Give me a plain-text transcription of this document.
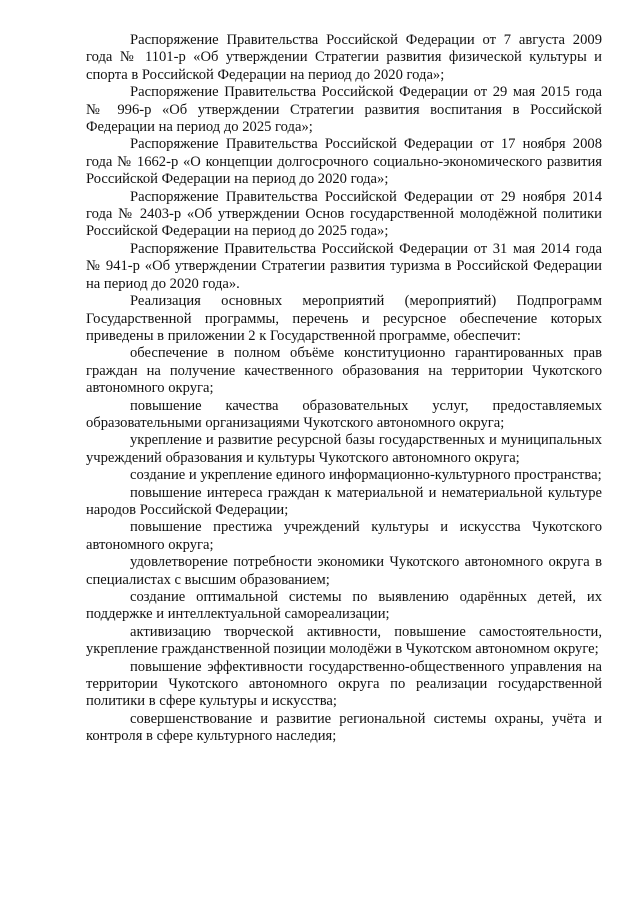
Распоряжение Правительства Российской Федерации от 7 августа 2009 года № 1101-р «Об утверждении Стратегии развития физической культуры и спорта в Российской Федерации на период до 2020 года»;

Распоряжение Правительства Российской Федерации от 29 мая 2015 года № 996-р «Об утверждении Стратегии развития воспитания в Российской Федерации на период до 2025 года»;

Распоряжение Правительства Российской Федерации от 17 ноября 2008 года № 1662-р «О концепции долгосрочного социально-экономического развития Российской Федерации на период до 2020 года»;

Распоряжение Правительства Российской Федерации от 29 ноября 2014 года № 2403-р «Об утверждении Основ государственной молодёжной политики Российской Федерации на период до 2025 года»;

Распоряжение Правительства Российской Федерации от 31 мая 2014 года № 941-р «Об утверждении Стратегии развития туризма в Российской Федерации на период до 2020 года».

Реализация основных мероприятий (мероприятий) Подпрограмм Государственной программы, перечень и ресурсное обеспечение которых приведены в приложении 2 к Государственной программе, обеспечит:

обеспечение в полном объёме конституционно гарантированных прав граждан на получение качественного образования на территории Чукотского автономного округа;

повышение качества образовательных услуг, предоставляемых образовательными организациями Чукотского автономного округа;

укрепление и развитие ресурсной базы государственных и муниципальных учреждений образования и культуры Чукотского автономного округа;

создание и укрепление единого информационно-культурного пространства;

повышение интереса граждан к материальной и нематериальной культуре народов Российской Федерации;

повышение престижа учреждений культуры и искусства Чукотского автономного округа;

удовлетворение потребности экономики Чукотского автономного округа в специалистах с высшим образованием;

создание оптимальной системы по выявлению одарённых детей, их поддержке и интеллектуальной самореализации;

активизацию творческой активности, повышение самостоятельности, укрепление гражданственной позиции молодёжи в Чукотском автономном округе;

повышение эффективности государственно-общественного управления на территории Чукотского автономного округа по реализации государственной политики в сфере культуры и искусства;

совершенствование и развитие региональной системы охраны, учёта и контроля в сфере культурного наследия;
